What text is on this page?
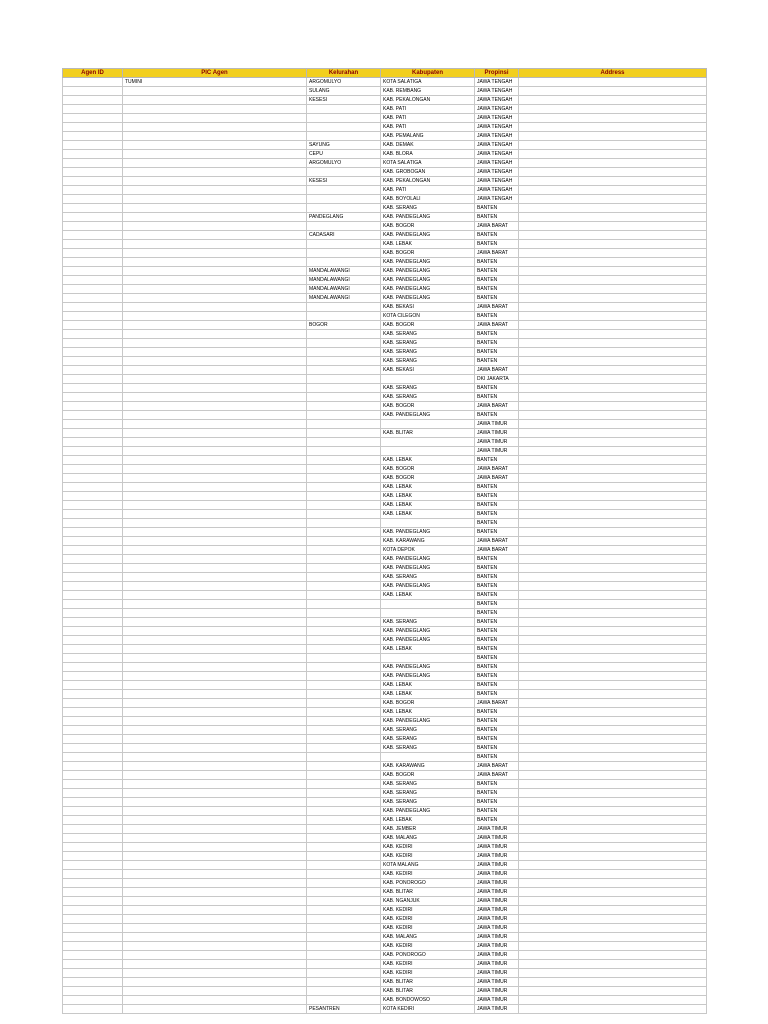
Agen ID	PIC Agen	Kelurahan	Kabupaten	Propinsi	Address
	TUMINI	ARGOMULYO	KOTA SALATIGA	JAWA TENGAH	
		SULANG	KAB. REMBANG	JAWA TENGAH	
		KESESI	KAB. PEKALONGAN	JAWA TENGAH	
			KAB. PATI	JAWA TENGAH	
			KAB. PATI	JAWA TENGAH	
			KAB. PATI	JAWA TENGAH	
			KAB. PEMALANG	JAWA TENGAH	
		SAYUNG	KAB. DEMAK	JAWA TENGAH	
		CEPU	KAB. BLORA	JAWA TENGAH	
		ARGOMULYO	KOTA SALATIGA	JAWA TENGAH	
			KAB. GROBOGAN	JAWA TENGAH	
		KESESI	KAB. PEKALONGAN	JAWA TENGAH	
			KAB. PATI	JAWA TENGAH	
			KAB. BOYOLALI	JAWA TENGAH	
			KAB. SERANG	BANTEN	
		PANDEGLANG	KAB. PANDEGLANG	BANTEN	
			KAB. BOGOR	JAWA BARAT	
		CADASARI	KAB. PANDEGLANG	BANTEN	
			KAB. LEBAK	BANTEN	
			KAB. BOGOR	JAWA BARAT	
			KAB. PANDEGLANG	BANTEN	
		MANDALAWANGI	KAB. PANDEGLANG	BANTEN	
		MANDALAWANGI	KAB. PANDEGLANG	BANTEN	
		MANDALAWANGI	KAB. PANDEGLANG	BANTEN	
		MANDALAWANGI	KAB. PANDEGLANG	BANTEN	
			KAB. BEKASI	JAWA BARAT	
			KOTA CILEGON	BANTEN	
		BOGOR	KAB. BOGOR	JAWA BARAT	
			KAB. SERANG	BANTEN	
			KAB. SERANG	BANTEN	
			KAB. SERANG	BANTEN	
			KAB. SERANG	BANTEN	
			KAB. BEKASI	JAWA BARAT	
				DKI JAKARTA	
			KAB. SERANG	BANTEN	
			KAB. SERANG	BANTEN	
			KAB. BOGOR	JAWA BARAT	
			KAB. PANDEGLANG	BANTEN	
				JAWA TIMUR	
			KAB. BLITAR	JAWA TIMUR	
				JAWA TIMUR	
				JAWA TIMUR	
			KAB. LEBAK	BANTEN	
			KAB. BOGOR	JAWA BARAT	
			KAB. BOGOR	JAWA BARAT	
			KAB. LEBAK	BANTEN	
			KAB. LEBAK	BANTEN	
			KAB. LEBAK	BANTEN	
			KAB. LEBAK	BANTEN	
				BANTEN	
			KAB. PANDEGLANG	BANTEN	
			KAB. KARAWANG	JAWA BARAT	
			KOTA DEPOK	JAWA BARAT	
			KAB. PANDEGLANG	BANTEN	
			KAB. PANDEGLANG	BANTEN	
			KAB. SERANG	BANTEN	
			KAB. PANDEGLANG	BANTEN	
			KAB. LEBAK	BANTEN	
				BANTEN	
				BANTEN	
			KAB. SERANG	BANTEN	
			KAB. PANDEGLANG	BANTEN	
			KAB. PANDEGLANG	BANTEN	
			KAB. LEBAK	BANTEN	
				BANTEN	
			KAB. PANDEGLANG	BANTEN	
			KAB. PANDEGLANG	BANTEN	
			KAB. LEBAK	BANTEN	
			KAB. LEBAK	BANTEN	
			KAB. BOGOR	JAWA BARAT	
			KAB. LEBAK	BANTEN	
			KAB. PANDEGLANG	BANTEN	
			KAB. SERANG	BANTEN	
			KAB. SERANG	BANTEN	
			KAB. SERANG	BANTEN	
				BANTEN	
			KAB. KARAWANG	JAWA BARAT	
			KAB. BOGOR	JAWA BARAT	
			KAB. SERANG	BANTEN	
			KAB. SERANG	BANTEN	
			KAB. SERANG	BANTEN	
			KAB. PANDEGLANG	BANTEN	
			KAB. LEBAK	BANTEN	
			KAB. JEMBER	JAWA TIMUR	
			KAB. MALANG	JAWA TIMUR	
			KAB. KEDIRI	JAWA TIMUR	
			KAB. KEDIRI	JAWA TIMUR	
			KOTA MALANG	JAWA TIMUR	
			KAB. KEDIRI	JAWA TIMUR	
			KAB. PONOROGO	JAWA TIMUR	
			KAB. BLITAR	JAWA TIMUR	
			KAB. NGANJUK	JAWA TIMUR	
			KAB. KEDIRI	JAWA TIMUR	
			KAB. KEDIRI	JAWA TIMUR	
			KAB. KEDIRI	JAWA TIMUR	
			KAB. MALANG	JAWA TIMUR	
			KAB. KEDIRI	JAWA TIMUR	
			KAB. PONOROGO	JAWA TIMUR	
			KAB. KEDIRI	JAWA TIMUR	
			KAB. KEDIRI	JAWA TIMUR	
			KAB. BLITAR	JAWA TIMUR	
			KAB. BLITAR	JAWA TIMUR	
			KAB. BONDOWOSO	JAWA TIMUR	
		PESANTREN	KOTA KEDIRI	JAWA TIMUR	
